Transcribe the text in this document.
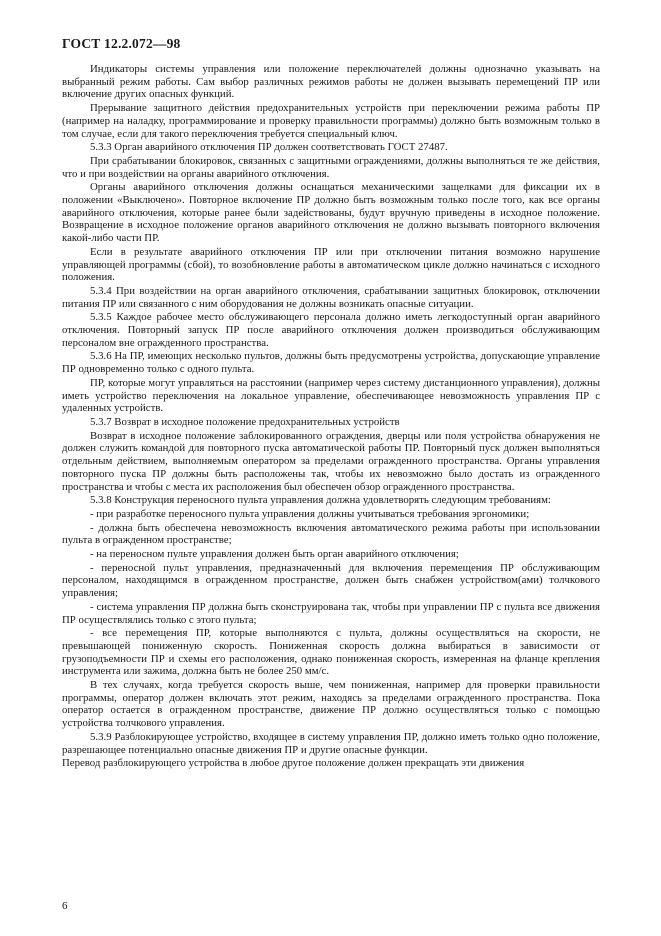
ГОСТ 12.2.072—98

Индикаторы системы управления или положение переключателей должны однозначно указывать на выбранный режим работы. Сам выбор различных режимов работы не должен вызывать перемещений ПР или включение других опасных функций.

Прерывание защитного действия предохранительных устройств при переключении режима работы ПР (например на наладку, программирование и проверку правильности программы) должно быть возможным только в том случае, если для такого переключения требуется специальный ключ.

5.3.3 Орган аварийного отключения ПР должен соответствовать ГОСТ 27487.

При срабатывании блокировок, связанных с защитными ограждениями, должны выполняться те же действия, что и при воздействии на органы аварийного отключения.

Органы аварийного отключения должны оснащаться механическими защелками для фиксации их в положении «Выключено». Повторное включение ПР должно быть возможным только после того, как все органы аварийного отключения, которые ранее были задействованы, будут вручную приведены в исходное положение. Возвращение в исходное положение органов аварийного отключения не должно вызывать повторного включения какой-либо части ПР.

Если в результате аварийного отключения ПР или при отключении питания возможно нарушение управляющей программы (сбой), то возобновление работы в автоматическом цикле должно начинаться с исходного положения.

5.3.4 При воздействии на орган аварийного отключения, срабатывании защитных блокировок, отключении питания ПР или связанного с ним оборудования не должны возникать опасные ситуации.

5.3.5 Каждое рабочее место обслуживающего персонала должно иметь легкодоступный орган аварийного отключения. Повторный запуск ПР после аварийного отключения должен производиться обслуживающим персоналом вне огражденного пространства.

5.3.6 На ПР, имеющих несколько пультов, должны быть предусмотрены устройства, допускающие управление ПР одновременно только с одного пульта.

ПР, которые могут управляться на расстоянии (например через систему дистанционного управления), должны иметь устройство переключения на локальное управление, обеспечивающее невозможность управления ПР с удаленных устройств.

5.3.7 Возврат в исходное положение предохранительных устройств

Возврат в исходное положение заблокированного ограждения, дверцы или поля устройства обнаружения не должен служить командой для повторного пуска автоматической работы ПР. Повторный пуск должен выполняться отдельным действием, выполняемым оператором за пределами огражденного пространства. Органы управления повторного пуска ПР должны быть расположены так, чтобы их невозможно было достать из огражденного пространства и чтобы с места их расположения был обеспечен обзор огражденного пространства.

5.3.8 Конструкция переносного пульта управления должна удовлетворять следующим требованиям:

- при разработке переносного пульта управления должны учитываться требования эргономики;

- должна быть обеспечена невозможность включения автоматического режима работы при использовании пульта в огражденном пространстве;

- на переносном пульте управления должен быть орган аварийного отключения;

- переносной пульт управления, предназначенный для включения перемещения ПР обслуживающим персоналом, находящимся в огражденном пространстве, должен быть снабжен устройством(ами) толчкового управления;

- система управления ПР должна быть сконструирована так, чтобы при управлении ПР с пульта все движения ПР осуществлялись только с этого пульта;

- все перемещения ПР, которые выполняются с пульта, должны осуществляться на скорости, не превышающей пониженную скорость. Пониженная скорость должна выбираться в зависимости от грузоподъемности ПР и схемы его расположения, однако пониженная скорость, измеренная на фланце крепления инструмента или зажима, должна быть не более 250 мм/с.

В тех случаях, когда требуется скорость выше, чем пониженная, например для проверки правильности программы, оператор должен включать этот режим, находясь за пределами огражденного пространства. Пока оператор остается в огражденном пространстве, движение ПР должно осуществляться только с помощью устройства толчкового управления.

5.3.9 Разблокирующее устройство, входящее в систему управления ПР, должно иметь только одно положение, разрешающее потенциально опасные движения ПР и другие опасные функции.

Перевод разблокирующего устройства в любое другое положение должен прекращать эти движения

6
